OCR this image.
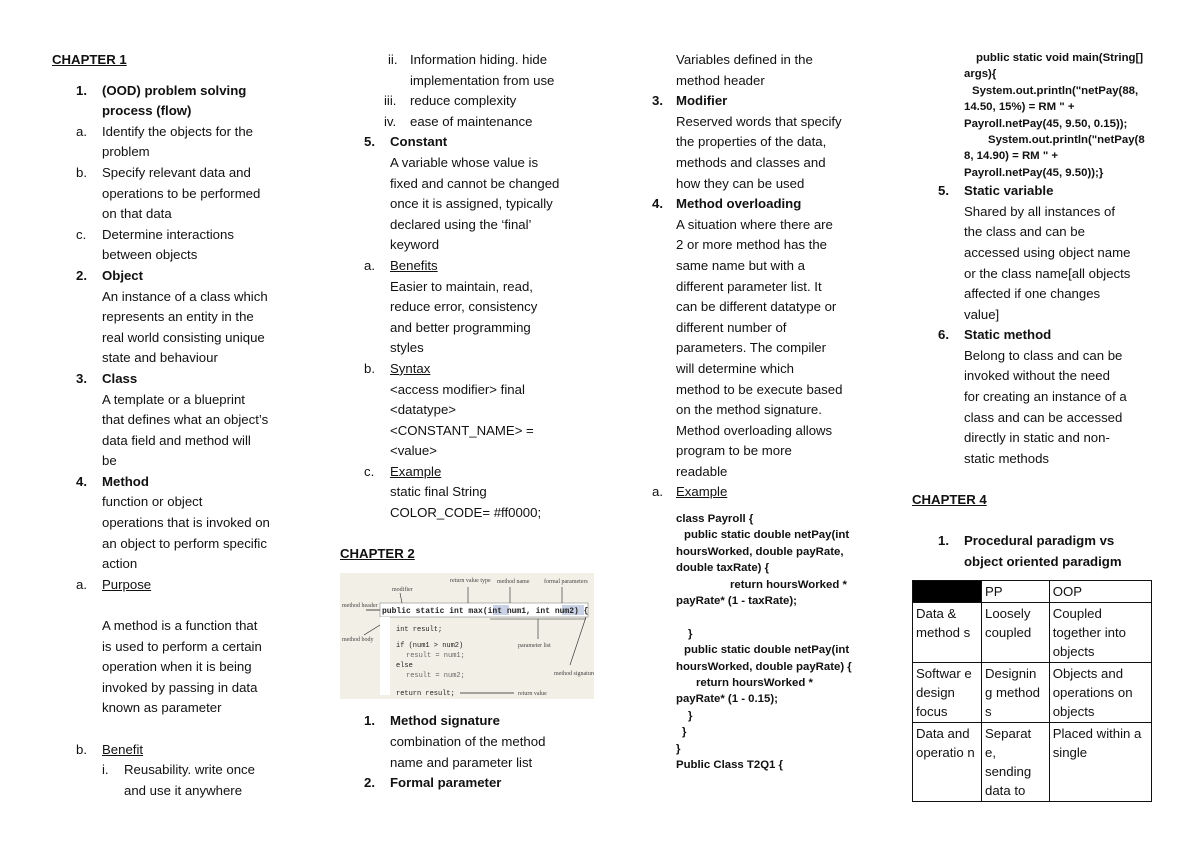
CHAPTER 1
1. (OOD) problem solving
process (flow)
a. Identify the objects for the
problem
b. Specify relevant data and
operations to be performed
on that data
c. Determine interactions
between objects
2. Object
An instance of a class which
represents an entity in the
real world consisting unique
state and behaviour
3. Class
A template or a blueprint
that defines what an object’s
data field and method will
be
4. Method
function or object
operations that is invoked on
an object to perform specific
action
a. Purpose
A method is a function that
is used to perform a certain
operation when it is being
invoked by passing in data
known as parameter
b. Benefit
i. Reusability. write once
and use it anywhere
ii. Information hiding. hide
implementation from use
iii. reduce complexity
iv. ease of maintenance
5. Constant
A variable whose value is
fixed and cannot be changed
once it is assigned, typically
declared using the ‘final’
keyword
a. Benefits
Easier to maintain, read,
reduce error, consistency
and better programming
styles
b. Syntax
<access modifier> final
<datatype>
<CONSTANT_NAME> =
<value>
c. Example
static final String
COLOR_CODE= #ff0000;
CHAPTER 2
modifier
return value type method name formal parameters
method header
method body
parameter list
method signature
return value
public static int max(int num1, int num2) {
int result;
if (num1 > num2)
result = num1;
else
result = num2;
return result;
1. Method signature
combination of the method
name and parameter list
2. Formal parameter
Variables defined in the
method header
3. Modifier
Reserved words that specify
the properties of the data,
methods and classes and
how they can be used
4. Method overloading
A situation where there are
2 or more method has the
same name but with a
different parameter list. It
can be different datatype or
different number of
parameters. The compiler
will determine which
method to be execute based
on the method signature.
Method overloading allows
program to be more
readable
a. Example
class Payroll {
public static double netPay(int
hoursWorked, double payRate,
double taxRate) {
return hoursWorked *
payRate* (1 - taxRate);
}
public static double netPay(int
hoursWorked, double payRate) {
return hoursWorked *
payRate* (1 - 0.15);
}
}
}
Public Class T2Q1 {
public static void main(String[]
args){
System.out.println("netPay(88,
14.50, 15%) = RM " +
Payroll.netPay(45, 9.50, 0.15));
System.out.println("netPay(8
8, 14.90) = RM " +
Payroll.netPay(45, 9.50));}
5. Static variable
Shared by all instances of
the class and can be
accessed using object name
or the class name[all objects
affected if one changes
value]
6. Static method
Belong to class and can be
invoked without the need
for creating an instance of a
class and can be accessed
directly in static and non-
static methods
CHAPTER 4
1. Procedural paradigm vs
object oriented paradigm
	PP	OOP
Data & method s	Loosely coupled	Coupled together into objects
Softwar e design focus	Designin g method s	Objects and operations on objects
Data and operatio n	Separat e, sending data to	Placed within a single
